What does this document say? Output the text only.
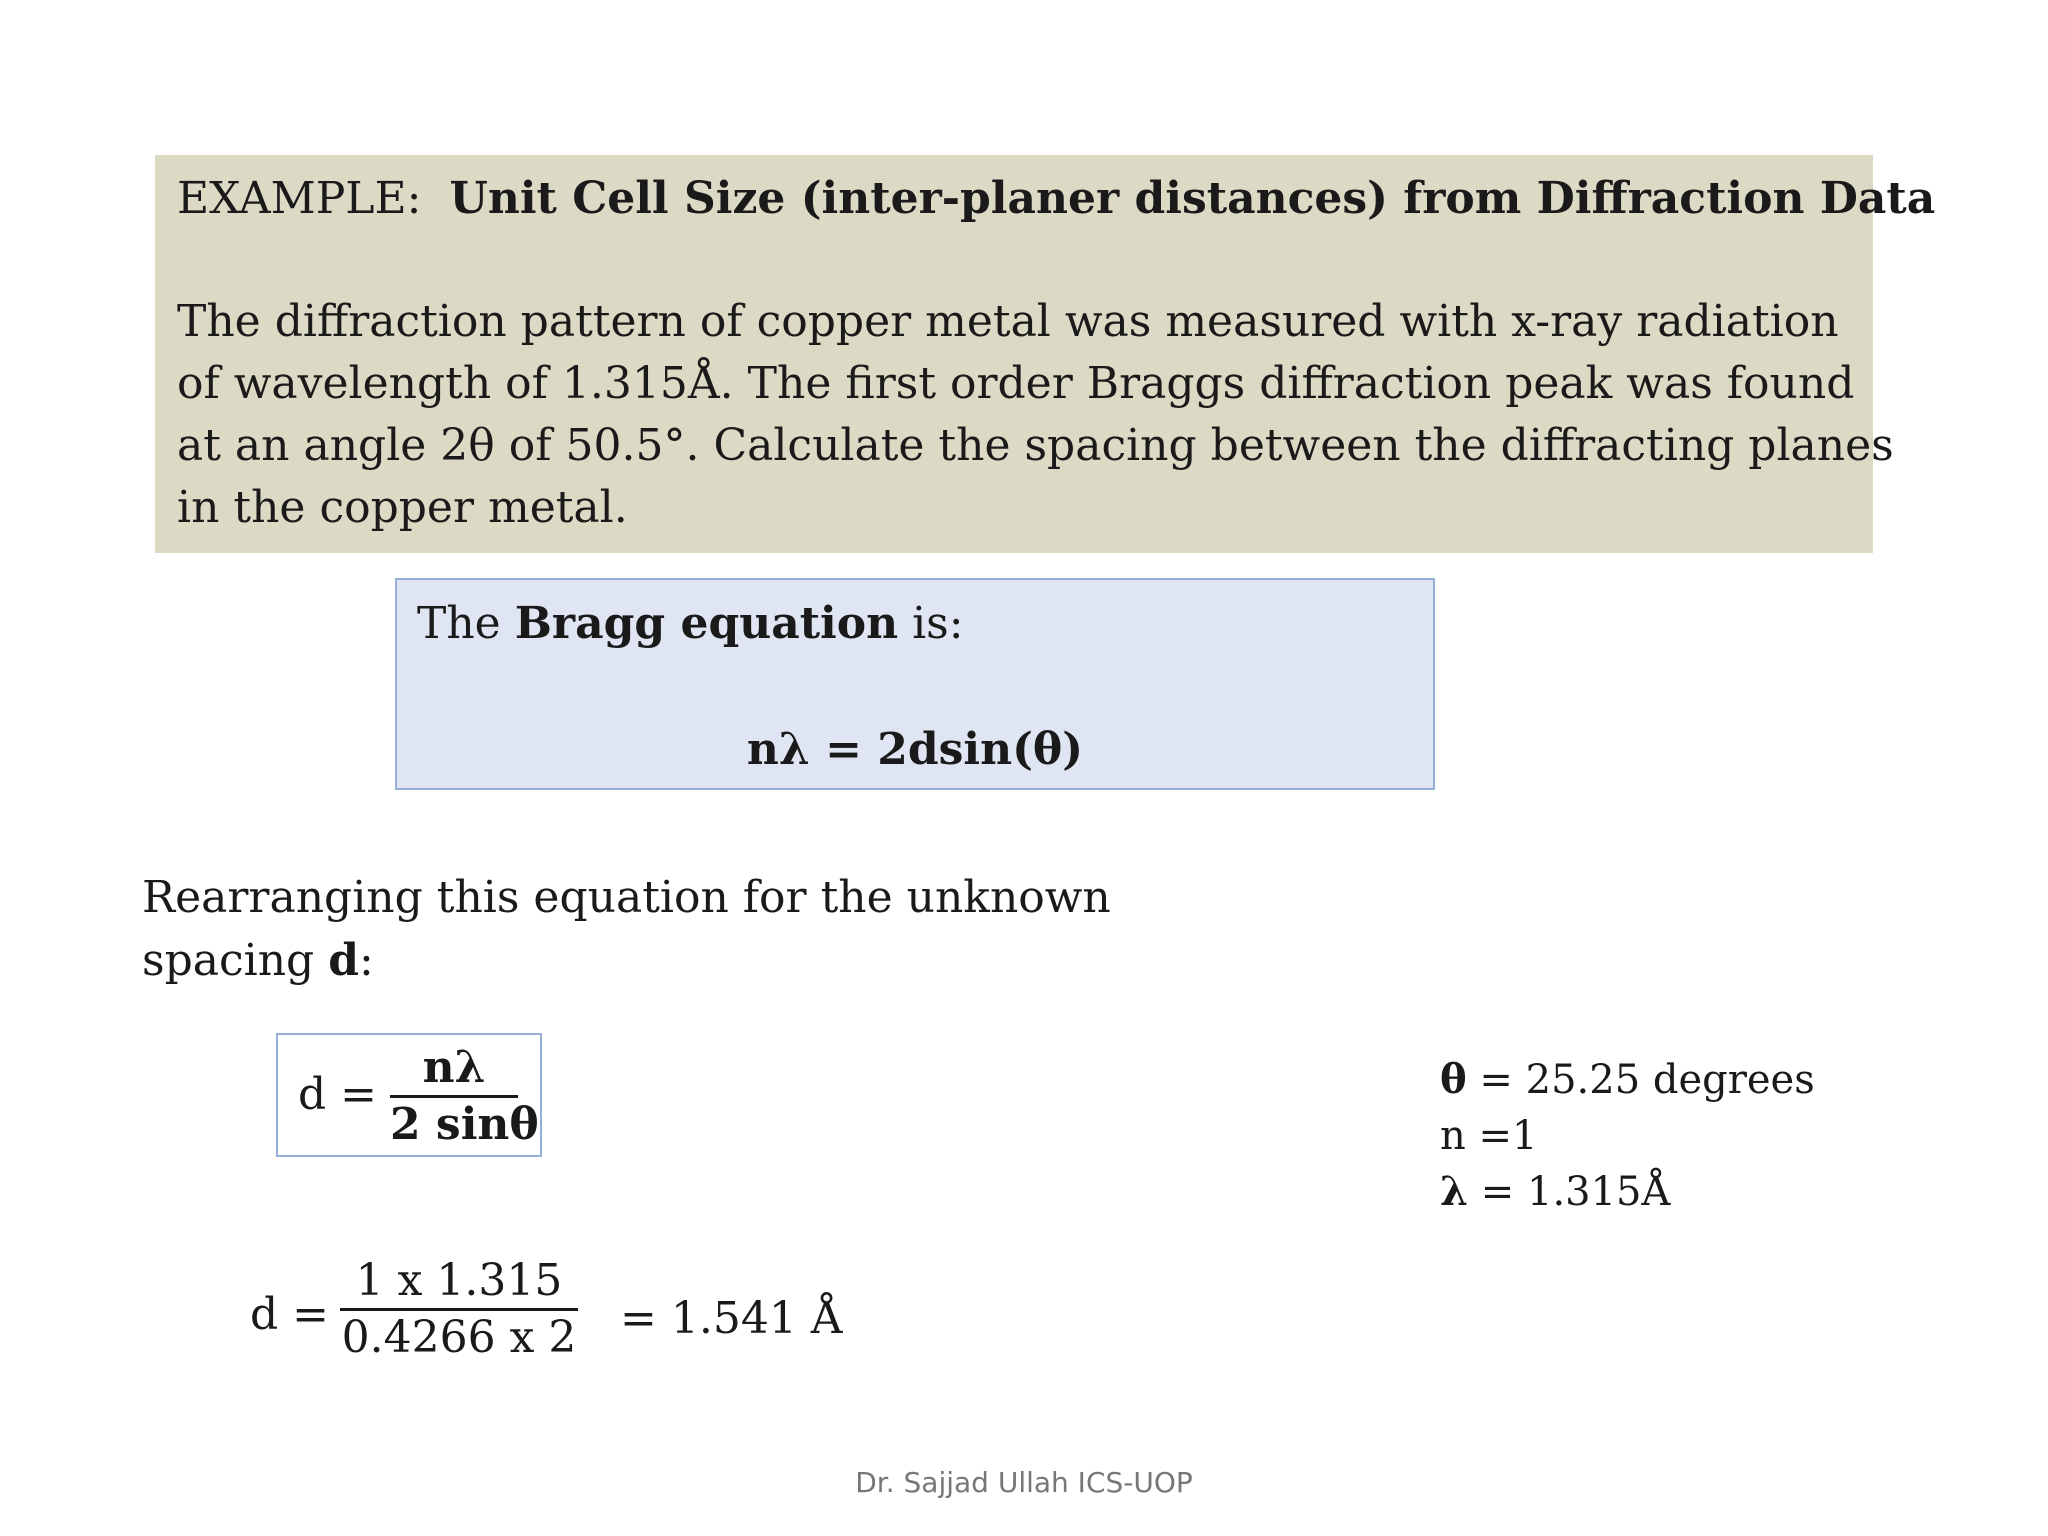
EXAMPLE: Unit Cell Size (inter-planer distances) from Diffraction Data
The diffraction pattern of copper metal was measured with x-ray radiation
of wavelength of 1.315Å. The first order Braggs diffraction peak was found
at an angle 2θ of 50.5°. Calculate the spacing between the diffracting planes
in the copper metal.
The Bragg equation is:
nλ = 2dsin(θ)
Rearranging this equation for the unknown
spacing d:
d =
nλ
2 sinθ
θ = 25.25 degrees
n =1
λ = 1.315Å
d =
1 x 1.315
0.4266 x 2 = 1.541 Å
Dr. Sajjad Ullah ICS-UOP
